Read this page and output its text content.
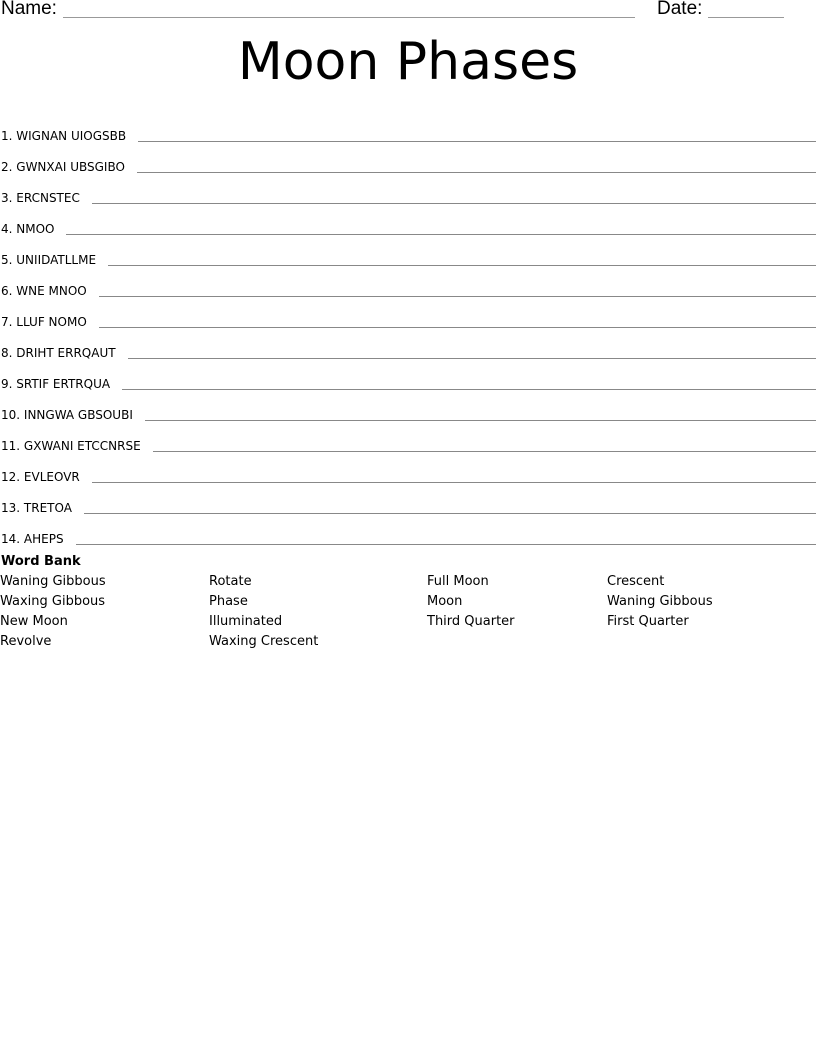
Name:	Date:
Moon Phases
1. WIGNAN UIOGSBB
2. GWNXAI UBSGIBO
3. ERCNSTEC
4. NMOO
5. UNIIDATLLME
6. WNE MNOO
7. LLUF NOMO
8. DRIHT ERRQAUT
9. SRTIF ERTRQUA
10. INNGWA GBSOUBI
11. GXWANI ETCCNRSE
12. EVLEOVR
13. TRETOA
14. AHEPS
Word Bank
Waning Gibbous	Rotate	Full Moon	Crescent
Waxing Gibbous	Phase	Moon	Waning Gibbous
New Moon	Illuminated	Third Quarter	First Quarter
Revolve	Waxing Crescent
